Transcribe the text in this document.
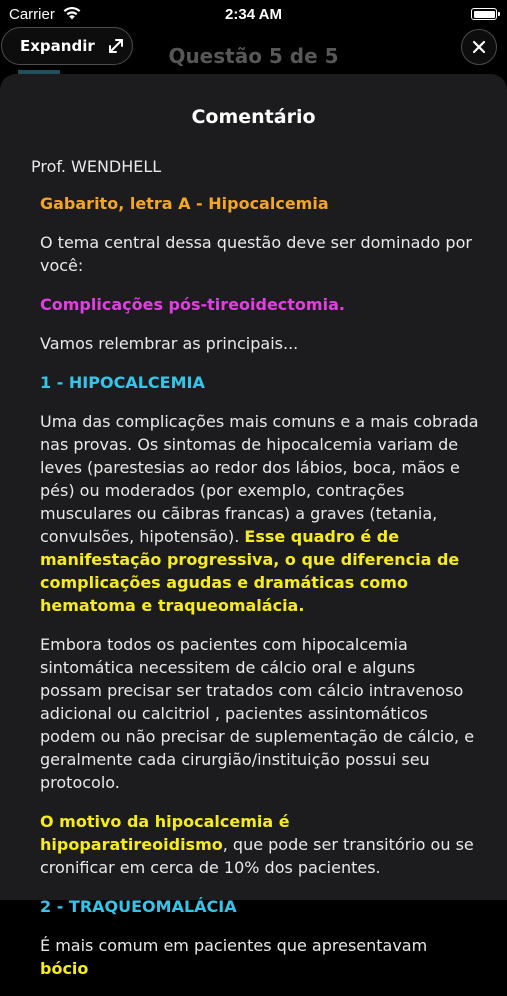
Carrier	2:34 AM
Questão 5 de 5
Expandir
Comentário
Prof. WENDHELL

Gabarito, letra A - Hipocalcemia

O tema central dessa questão deve ser dominado por você:

Complicações pós-tireoidectomia.

Vamos relembrar as principais...

1 - HIPOCALCEMIA

Uma das complicações mais comuns e a mais cobrada nas provas. Os sintomas de hipocalcemia variam de leves (parestesias ao redor dos lábios, boca, mãos e pés) ou moderados (por exemplo, contrações musculares ou cãibras francas) a graves (tetania, convulsões, hipotensão). Esse quadro é de manifestação progressiva, o que diferencia de complicações agudas e dramáticas como hematoma e traqueomalácia.

Embora todos os pacientes com hipocalcemia sintomática necessitem de cálcio oral e alguns possam precisar ser tratados com cálcio intravenoso adicional ou calcitriol , pacientes assintomáticos podem ou não precisar de suplementação de cálcio, e geralmente cada cirurgião/instituição possui seu protocolo.

O motivo da hipocalcemia é hipoparatireoidismo, que pode ser transitório ou se cronificar em cerca de 10% dos pacientes.

2 - TRAQUEOMALÁCIA

É mais comum em pacientes que apresentavam bócio
